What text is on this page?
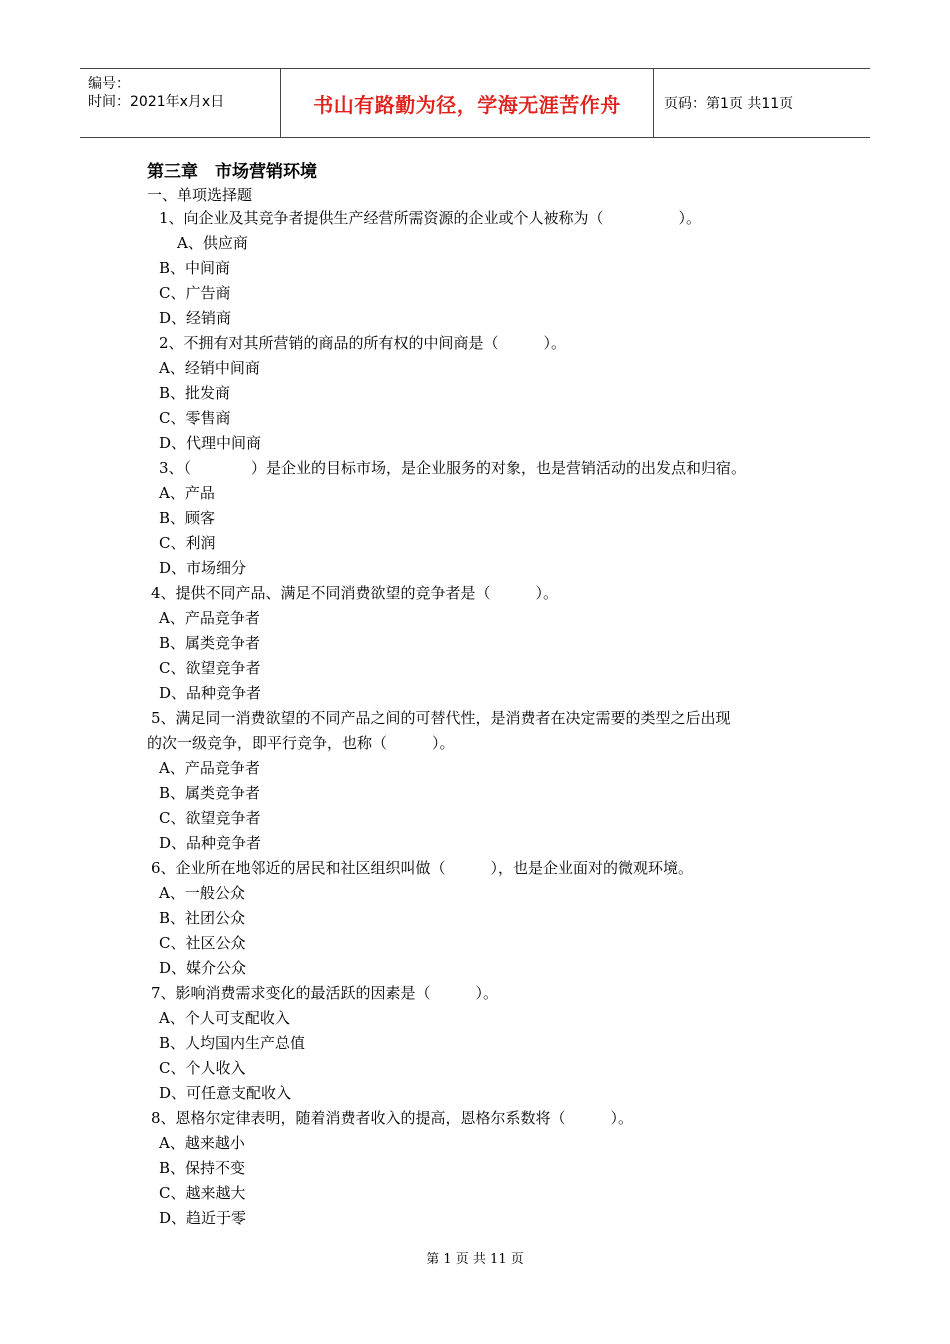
编号：
时间：2021年x月x日	书山有路勤为径，学海无涯苦作舟	页码：第1页 共11页
第三章　市场营销环境
一、单项选择题
1、向企业及其竞争者提供生产经营所需资源的企业或个人被称为（　　　　　）。
A、供应商
B、中间商
C、广告商
D、经销商
2、不拥有对其所营销的商品的所有权的中间商是（　　　）。
A、经销中间商
B、批发商
C、零售商
D、代理中间商
3、（　　　　）是企业的目标市场，是企业服务的对象，也是营销活动的出发点和归宿。
A、产品
B、顾客
C、利润
D、市场细分
4、提供不同产品、满足不同消费欲望的竞争者是（　　　）。
A、产品竞争者
B、属类竞争者
C、欲望竞争者
D、品种竞争者
5、满足同一消费欲望的不同产品之间的可替代性，是消费者在决定需要的类型之后出现
的次一级竞争，即平行竞争，也称（　　　）。
A、产品竞争者
B、属类竞争者
C、欲望竞争者
D、品种竞争者
6、企业所在地邻近的居民和社区组织叫做（　　　），也是企业面对的微观环境。
A、一般公众
B、社团公众
C、社区公众
D、媒介公众
7、影响消费需求变化的最活跃的因素是（　　　）。
A、个人可支配收入
B、人均国内生产总值
C、个人收入
D、可任意支配收入
8、恩格尔定律表明，随着消费者收入的提高，恩格尔系数将（　　　）。
A、越来越小
B、保持不变
C、越来越大
D、趋近于零
第 1 页 共 11 页
